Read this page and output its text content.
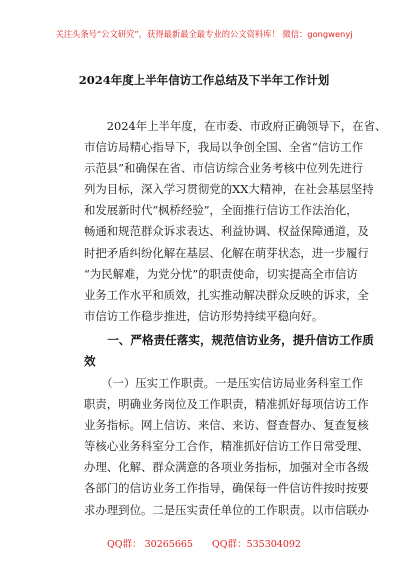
关注头条号“公文研究”，获得最新最全最专业的公文资料库！ 微信：gongwenyj
2024年度上半年信访工作总结及下半年工作计划
　　2024年上半年度，在市委、市政府正确领导下，在省、
市信访局精心指导下，我局以争创全国、全省“信访工作
示范县”和确保在省、市信访综合业务考核中位列先进行
列为目标，深入学习贯彻党的XX大精神，在社会基层坚持
和发展新时代“枫桥经验”，全面推行信访工作法治化，
畅通和规范群众诉求表达、利益协调、权益保障通道，及
时把矛盾纠纷化解在基层、化解在萌芽状态，进一步履行
“为民解难，为党分忧”的职责使命，切实提高全市信访
业务工作水平和质效，扎实推动解决群众反映的诉求，全
市信访工作稳步推进，信访形势持续平稳向好。
　　一、严格责任落实，规范信访业务，提升信访工作质
效
　　（一）压实工作职责。一是压实信访局业务科室工作
职责，明确业务岗位及工作职责，精准抓好每项信访工作
业务指标。网上信访、来信、来访、督查督办、复查复核
等核心业务科室分工合作，精准抓好信访工作日常受理、
办理、化解、群众满意的各项业务指标，加强对全市各级
各部门的信访业务工作指导，确保每一件信访件按时按要
求办理到位。二是压实责任单位的工作职责。以市信联办
QQ群： 30265665 QQ群：535304092
